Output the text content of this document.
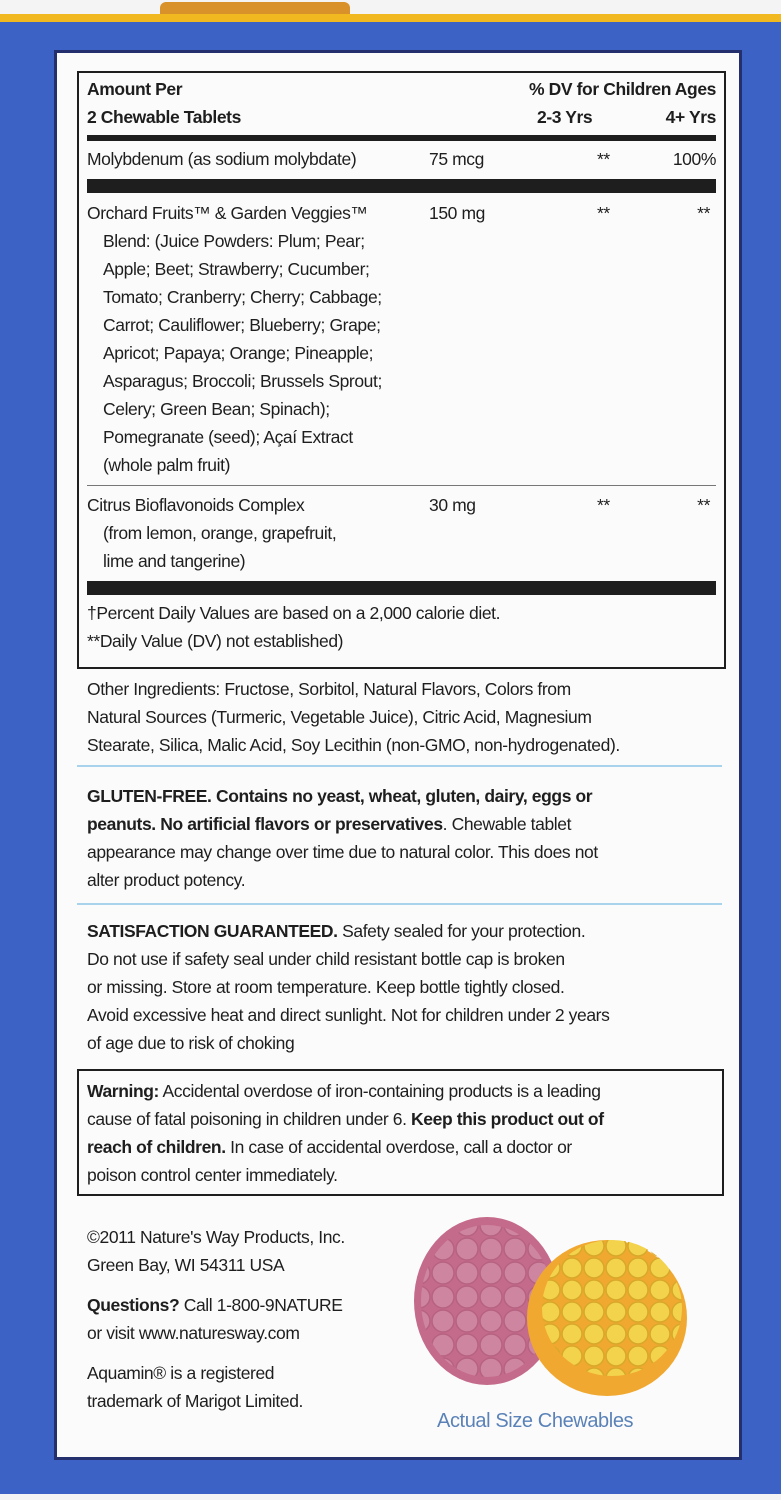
Amount Per	% DV for Children Ages
2 Chewable Tablets	2-3 Yrs	4+ Yrs
Molybdenum (as sodium molybdate)	75 mcg	**	100%
Orchard Fruits™ & Garden Veggies™	150 mg	**	**
Blend: (Juice Powders: Plum; Pear;
Apple; Beet; Strawberry; Cucumber;
Tomato; Cranberry; Cherry; Cabbage;
Carrot; Cauliflower; Blueberry; Grape;
Apricot; Papaya; Orange; Pineapple;
Asparagus; Broccoli; Brussels Sprout;
Celery; Green Bean; Spinach);
Pomegranate (seed); Açaí Extract
(whole palm fruit)
Citrus Bioflavonoids Complex	30 mg	**	**
(from lemon, orange, grapefruit,
lime and tangerine)
†Percent Daily Values are based on a 2,000 calorie diet.
**Daily Value (DV) not established)
Other Ingredients: Fructose, Sorbitol, Natural Flavors, Colors from
Natural Sources (Turmeric, Vegetable Juice), Citric Acid, Magnesium
Stearate, Silica, Malic Acid, Soy Lecithin (non-GMO, non-hydrogenated).
GLUTEN-FREE. Contains no yeast, wheat, gluten, dairy, eggs or
peanuts. No artificial flavors or preservatives. Chewable tablet
appearance may change over time due to natural color. This does not
alter product potency.
SATISFACTION GUARANTEED. Safety sealed for your protection.
Do not use if safety seal under child resistant bottle cap is broken
or missing. Store at room temperature. Keep bottle tightly closed.
Avoid excessive heat and direct sunlight. Not for children under 2 years
of age due to risk of choking
Warning: Accidental overdose of iron-containing products is a leading
cause of fatal poisoning in children under 6. Keep this product out of
reach of children. In case of accidental overdose, call a doctor or
poison control center immediately.
©2011 Nature's Way Products, Inc.
Green Bay, WI 54311 USA
Questions? Call 1-800-9NATURE
or visit www.naturesway.com
Aquamin® is a registered
trademark of Marigot Limited.
Actual Size Chewables
